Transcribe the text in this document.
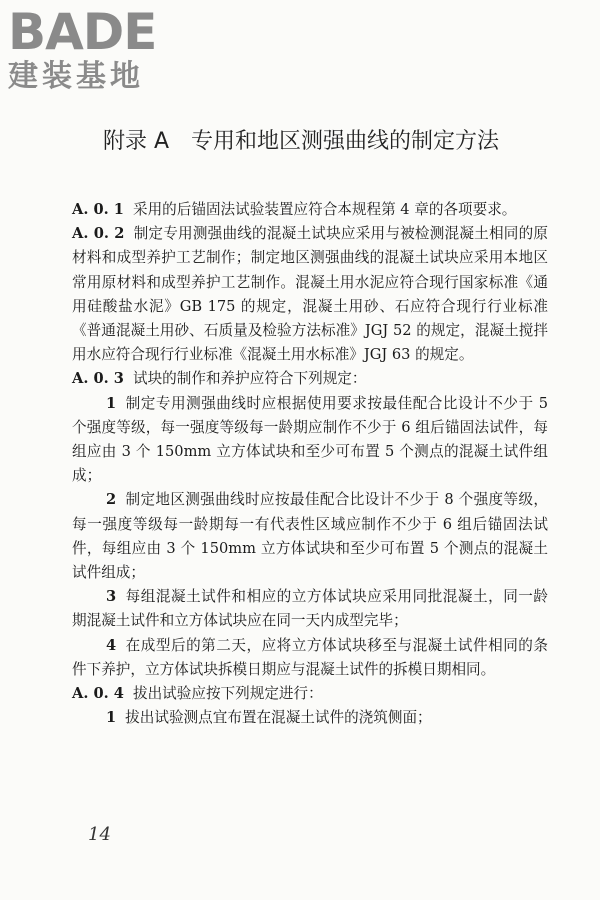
BADE
建装基地
附录 A　专用和地区测强曲线的制定方法

A. 0. 1 采用的后锚固法试验装置应符合本规程第 4 章的各项要求。

A. 0. 2 制定专用测强曲线的混凝土试块应采用与被检测混凝土相同的原材料和成型养护工艺制作；制定地区测强曲线的混凝土试块应采用本地区常用原材料和成型养护工艺制作。混凝土用水泥应符合现行国家标准《通用硅酸盐水泥》GB 175 的规定，混凝土用砂、石应符合现行行业标准《普通混凝土用砂、石质量及检验方法标准》JGJ 52 的规定，混凝土搅拌用水应符合现行行业标准《混凝土用水标准》JGJ 63 的规定。

A. 0. 3 试块的制作和养护应符合下列规定：

1 制定专用测强曲线时应根据使用要求按最佳配合比设计不少于 5 个强度等级，每一强度等级每一龄期应制作不少于 6 组后锚固法试件，每组应由 3 个 150mm 立方体试块和至少可布置 5 个测点的混凝土试件组成；

2 制定地区测强曲线时应按最佳配合比设计不少于 8 个强度等级，每一强度等级每一龄期每一有代表性区域应制作不少于 6 组后锚固法试件，每组应由 3 个 150mm 立方体试块和至少可布置 5 个测点的混凝土试件组成；

3 每组混凝土试件和相应的立方体试块应采用同批混凝土，同一龄期混凝土试件和立方体试块应在同一天内成型完毕；

4 在成型后的第二天，应将立方体试块移至与混凝土试件相同的条件下养护，立方体试块拆模日期应与混凝土试件的拆模日期相同。

A. 0. 4 拔出试验应按下列规定进行：

1 拔出试验测点宜布置在混凝土试件的浇筑侧面；

14
